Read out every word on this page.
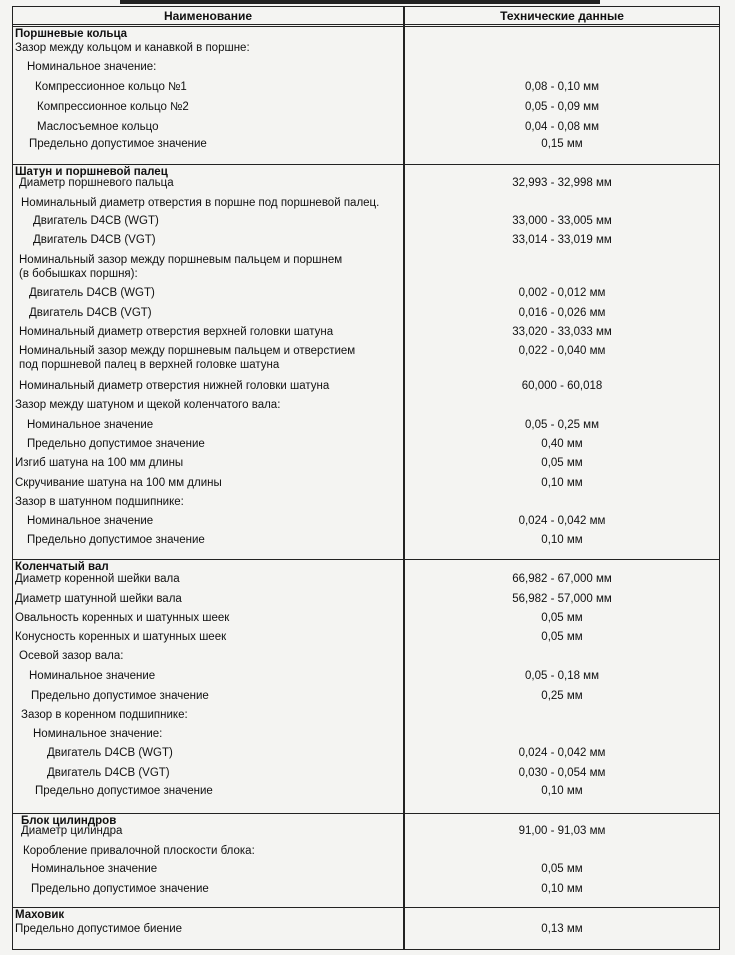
Наименование	Технические данные
Поршневые кольца
Зазор между кольцом и канавкой в поршне:
Номинальное значение:
Компрессионное кольцо №1	0,08 - 0,10 мм
Компрессионное кольцо №2	0,05 - 0,09 мм
Маслосъемное кольцо	0,04 - 0,08 мм
Предельно допустимое значение	0,15 мм
Шатун и поршневой палец
Диаметр поршневого пальца	32,993 - 32,998 мм
Номинальный диаметр отверстия в поршне под поршневой палец.
Двигатель D4CB (WGT)	33,000 - 33,005 мм
Двигатель D4CB (VGT)	33,014 - 33,019 мм
Номинальный зазор между поршневым пальцем и поршнем
(в бобышках поршня):
Двигатель D4CB (WGT)	0,002 - 0,012 мм
Двигатель D4CB (VGT)	0,016 - 0,026 мм
Номинальный диаметр отверстия верхней головки шатуна	33,020 - 33,033 мм
Номинальный зазор между поршневым пальцем и отверстием	0,022 - 0,040 мм
под поршневой палец в верхней головке шатуна
Номинальный диаметр отверстия нижней головки шатуна	60,000 - 60,018
Зазор между шатуном и щекой коленчатого вала:
Номинальное значение	0,05 - 0,25 мм
Предельно допустимое значение	0,40 мм
Изгиб шатуна на 100 мм длины	0,05 мм
Скручивание шатуна на 100 мм длины	0,10 мм
Зазор в шатунном подшипнике:
Номинальное значение	0,024 - 0,042 мм
Предельно допустимое значение	0,10 мм
Коленчатый вал
Диаметр коренной шейки вала	66,982 - 67,000 мм
Диаметр шатунной шейки вала	56,982 - 57,000 мм
Овальность коренных и шатунных шеек	0,05 мм
Конусность коренных и шатунных шеек	0,05 мм
Осевой зазор вала:
Номинальное значение	0,05 - 0,18 мм
Предельно допустимое значение	0,25 мм
Зазор в коренном подшипнике:
Номинальное значение:
Двигатель D4CB (WGT)	0,024 - 0,042 мм
Двигатель D4CB (VGT)	0,030 - 0,054 мм
Предельно допустимое значение	0,10 мм
Блок цилиндров
Диаметр цилиндра	91,00 - 91,03 мм
Коробление привалочной плоскости блока:
Номинальное значение	0,05 мм
Предельно допустимое значение	0,10 мм
Маховик
Предельно допустимое биение	0,13 мм
